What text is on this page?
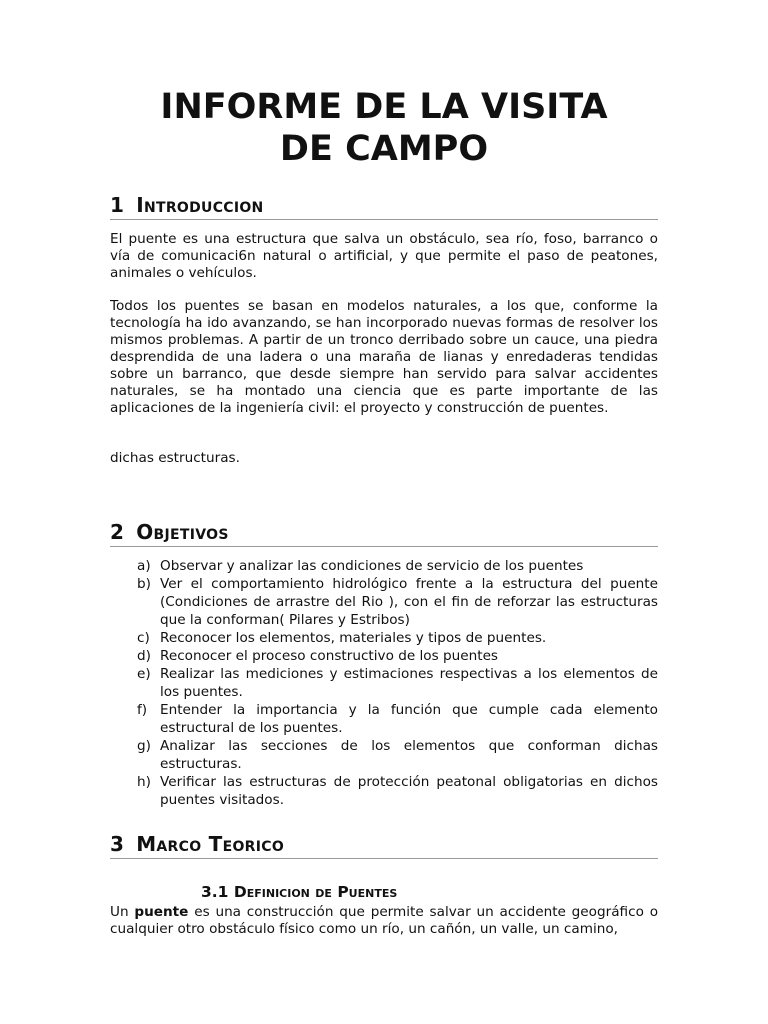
INFORME DE LA VISITA
DE CAMPO
1 Introduccion

El puente es una estructura que salva un obstáculo, sea río, foso, barranco o vía de comunicaci6n natural o artificial, y que permite el paso de peatones, animales o vehículos.

Todos los puentes se basan en modelos naturales, a los que, conforme la tecnología ha ido avanzando, se han incorporado nuevas formas de resolver los mismos problemas. A partir de un tronco derribado sobre un cauce, una piedra desprendida de una ladera o una maraña de lianas y enredaderas tendidas sobre un barranco, que desde siempre han servido para salvar accidentes naturales, se ha montado una ciencia que es parte importante de las aplicaciones de la ingeniería civil: el proyecto y construcción de puentes.

dichas estructuras.

2 Objetivos
a) Observar y analizar las condiciones de servicio de los puentes
b) Ver el comportamiento hidrológico frente a la estructura del puente (Condiciones de arrastre del Rio ), con el fin de reforzar las estructuras que la conforman( Pilares y Estribos)
c) Reconocer los elementos, materiales y tipos de puentes.
d) Reconocer el proceso constructivo de los puentes
e) Realizar las mediciones y estimaciones respectivas a los elementos de los puentes.
f) Entender la importancia y la función que cumple cada elemento estructural de los puentes.
g) Analizar las secciones de los elementos que conforman dichas estructuras.
h) Verificar las estructuras de protección peatonal obligatorias en dichos puentes visitados.
3 Marco Teorico
3.1 Definicion de Puentes

Un puente es una construcción que permite salvar un accidente geográfico o cualquier otro obstáculo físico como un río, un cañón, un valle, un camino,
